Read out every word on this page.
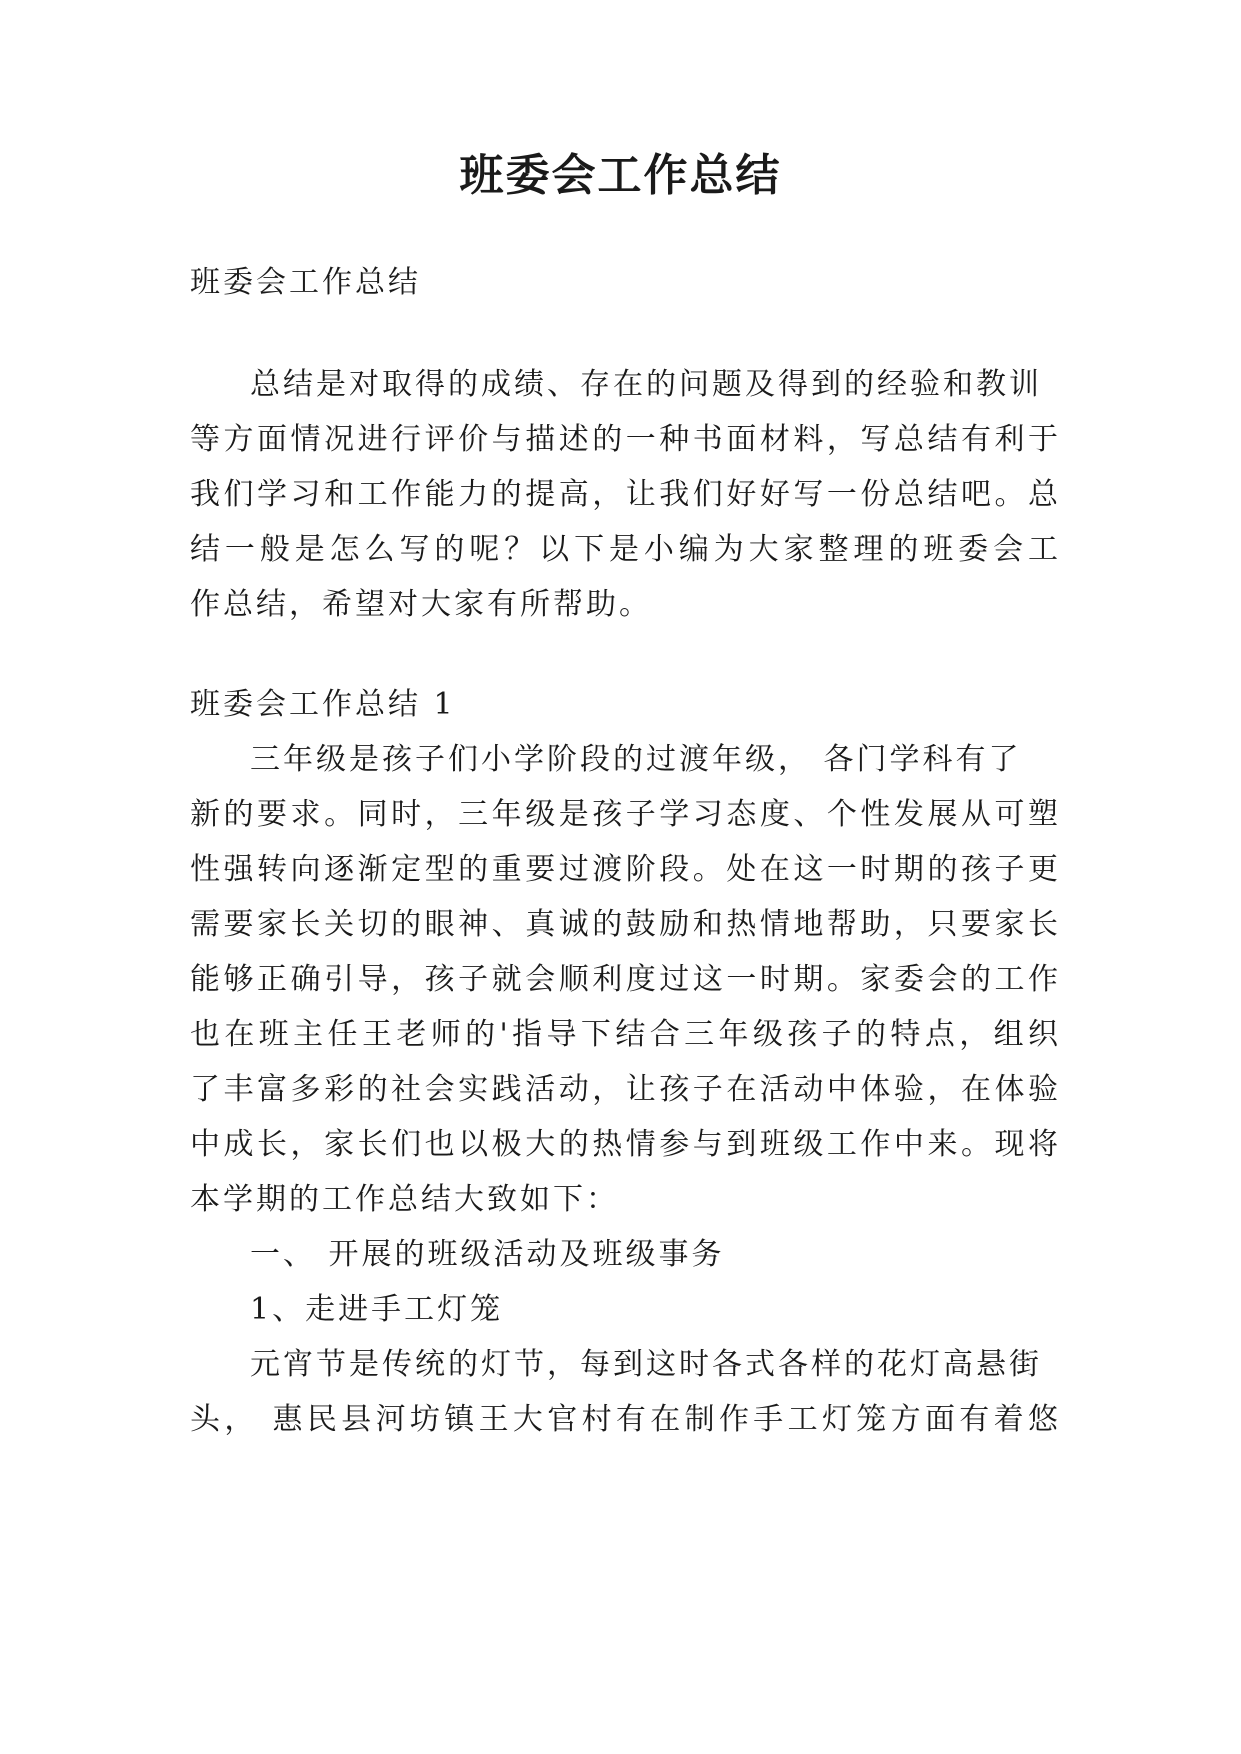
班委会工作总结
班委会工作总结
总结是对取得的成绩、存在的问题及得到的经验和教训
等方面情况进行评价与描述的一种书面材料，写总结有利于
我们学习和工作能力的提高，让我们好好写一份总结吧。总
结一般是怎么写的呢？以下是小编为大家整理的班委会工
作总结，希望对大家有所帮助。
班委会工作总结 1
三年级是孩子们小学阶段的过渡年级， 各门学科有了
新的要求。同时，三年级是孩子学习态度、个性发展从可塑
性强转向逐渐定型的重要过渡阶段。处在这一时期的孩子更
需要家长关切的眼神、真诚的鼓励和热情地帮助，只要家长
能够正确引导，孩子就会顺利度过这一时期。家委会的工作
也在班主任王老师的'指导下结合三年级孩子的特点，组织
了丰富多彩的社会实践活动，让孩子在活动中体验，在体验
中成长，家长们也以极大的热情参与到班级工作中来。现将
本学期的工作总结大致如下：
一、 开展的班级活动及班级事务
1、走进手工灯笼
元宵节是传统的灯节，每到这时各式各样的花灯高悬街
头， 惠民县河坊镇王大官村有在制作手工灯笼方面有着悠
